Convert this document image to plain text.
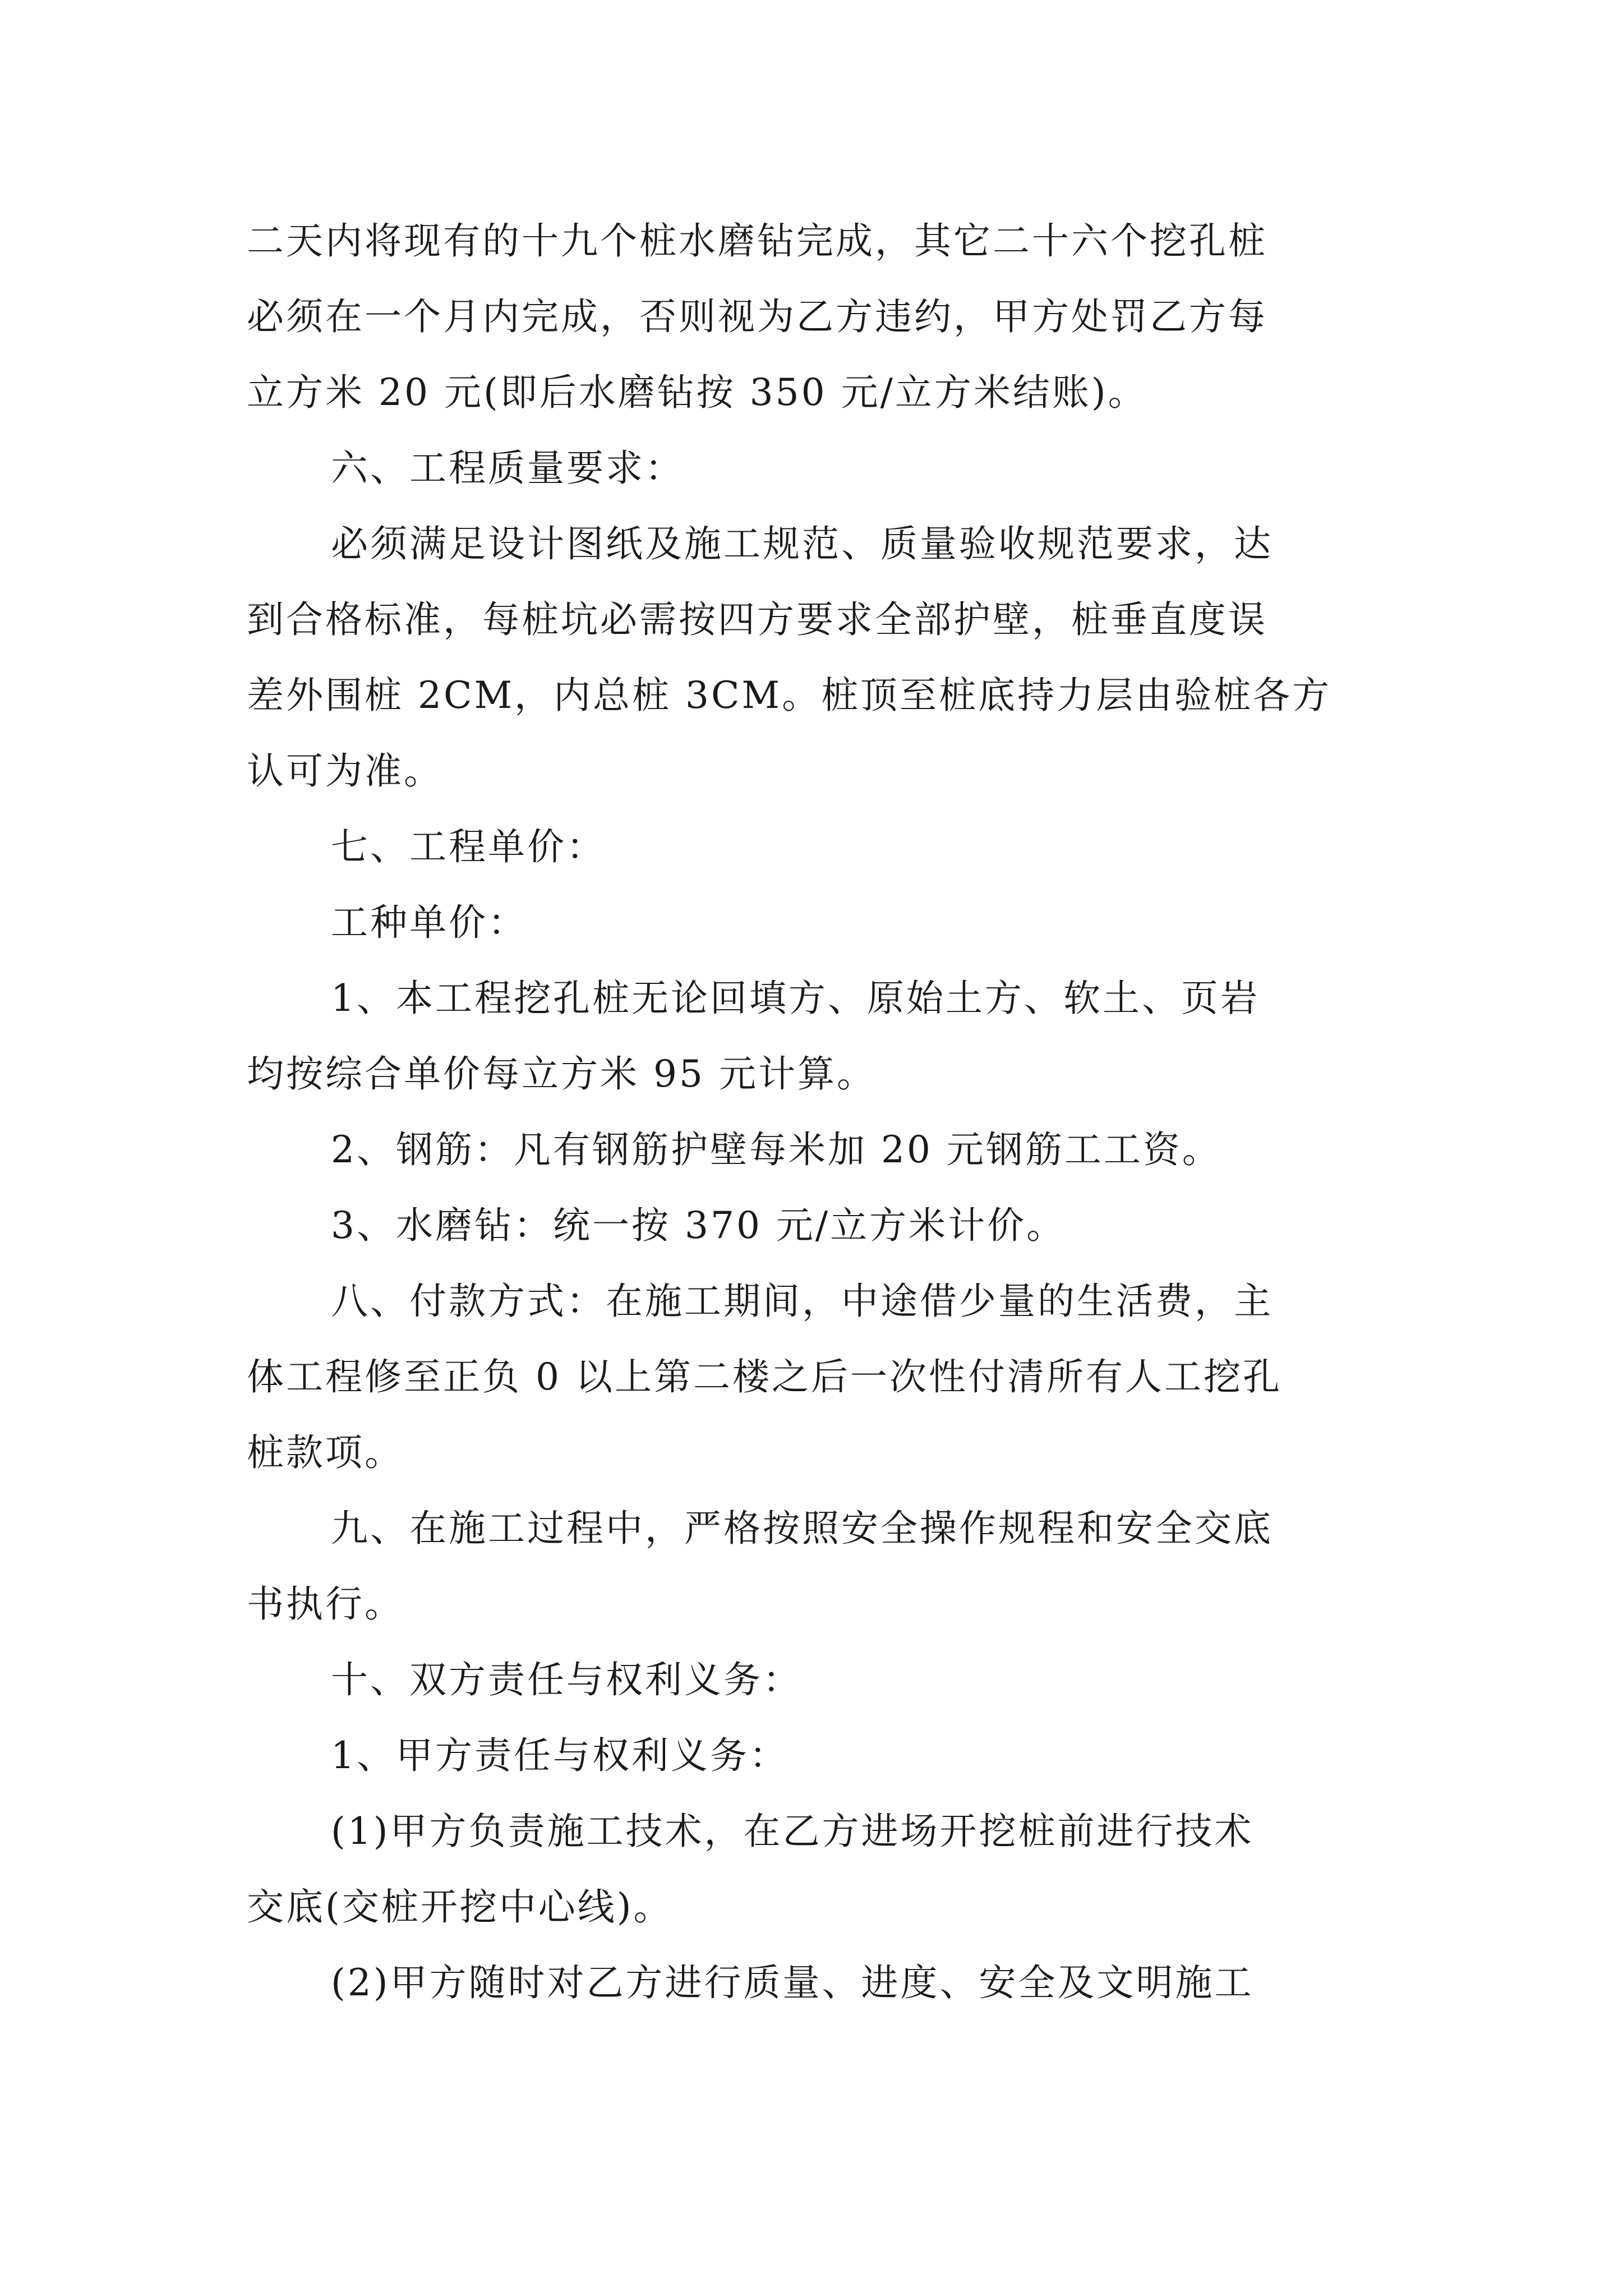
二天内将现有的十九个桩水磨钻完成，其它二十六个挖孔桩
必须在一个月内完成，否则视为乙方违约，甲方处罚乙方每
立方米 20 元(即后水磨钻按 350 元/立方米结账)。
六、工程质量要求：
必须满足设计图纸及施工规范、质量验收规范要求，达
到合格标准，每桩坑必需按四方要求全部护壁，桩垂直度误
差外围桩 2CM，内总桩 3CM。桩顶至桩底持力层由验桩各方
认可为准。
七、工程单价：
工种单价：
1、本工程挖孔桩无论回填方、原始土方、软土、页岩
均按综合单价每立方米 95 元计算。
2、钢筋：凡有钢筋护壁每米加 20 元钢筋工工资。
3、水磨钻：统一按 370 元/立方米计价。
八、付款方式：在施工期间，中途借少量的生活费，主
体工程修至正负 0 以上第二楼之后一次性付清所有人工挖孔
桩款项。
九、在施工过程中，严格按照安全操作规程和安全交底
书执行。
十、双方责任与权利义务：
1、甲方责任与权利义务：
(1)甲方负责施工技术，在乙方进场开挖桩前进行技术
交底(交桩开挖中心线)。
(2)甲方随时对乙方进行质量、进度、安全及文明施工
